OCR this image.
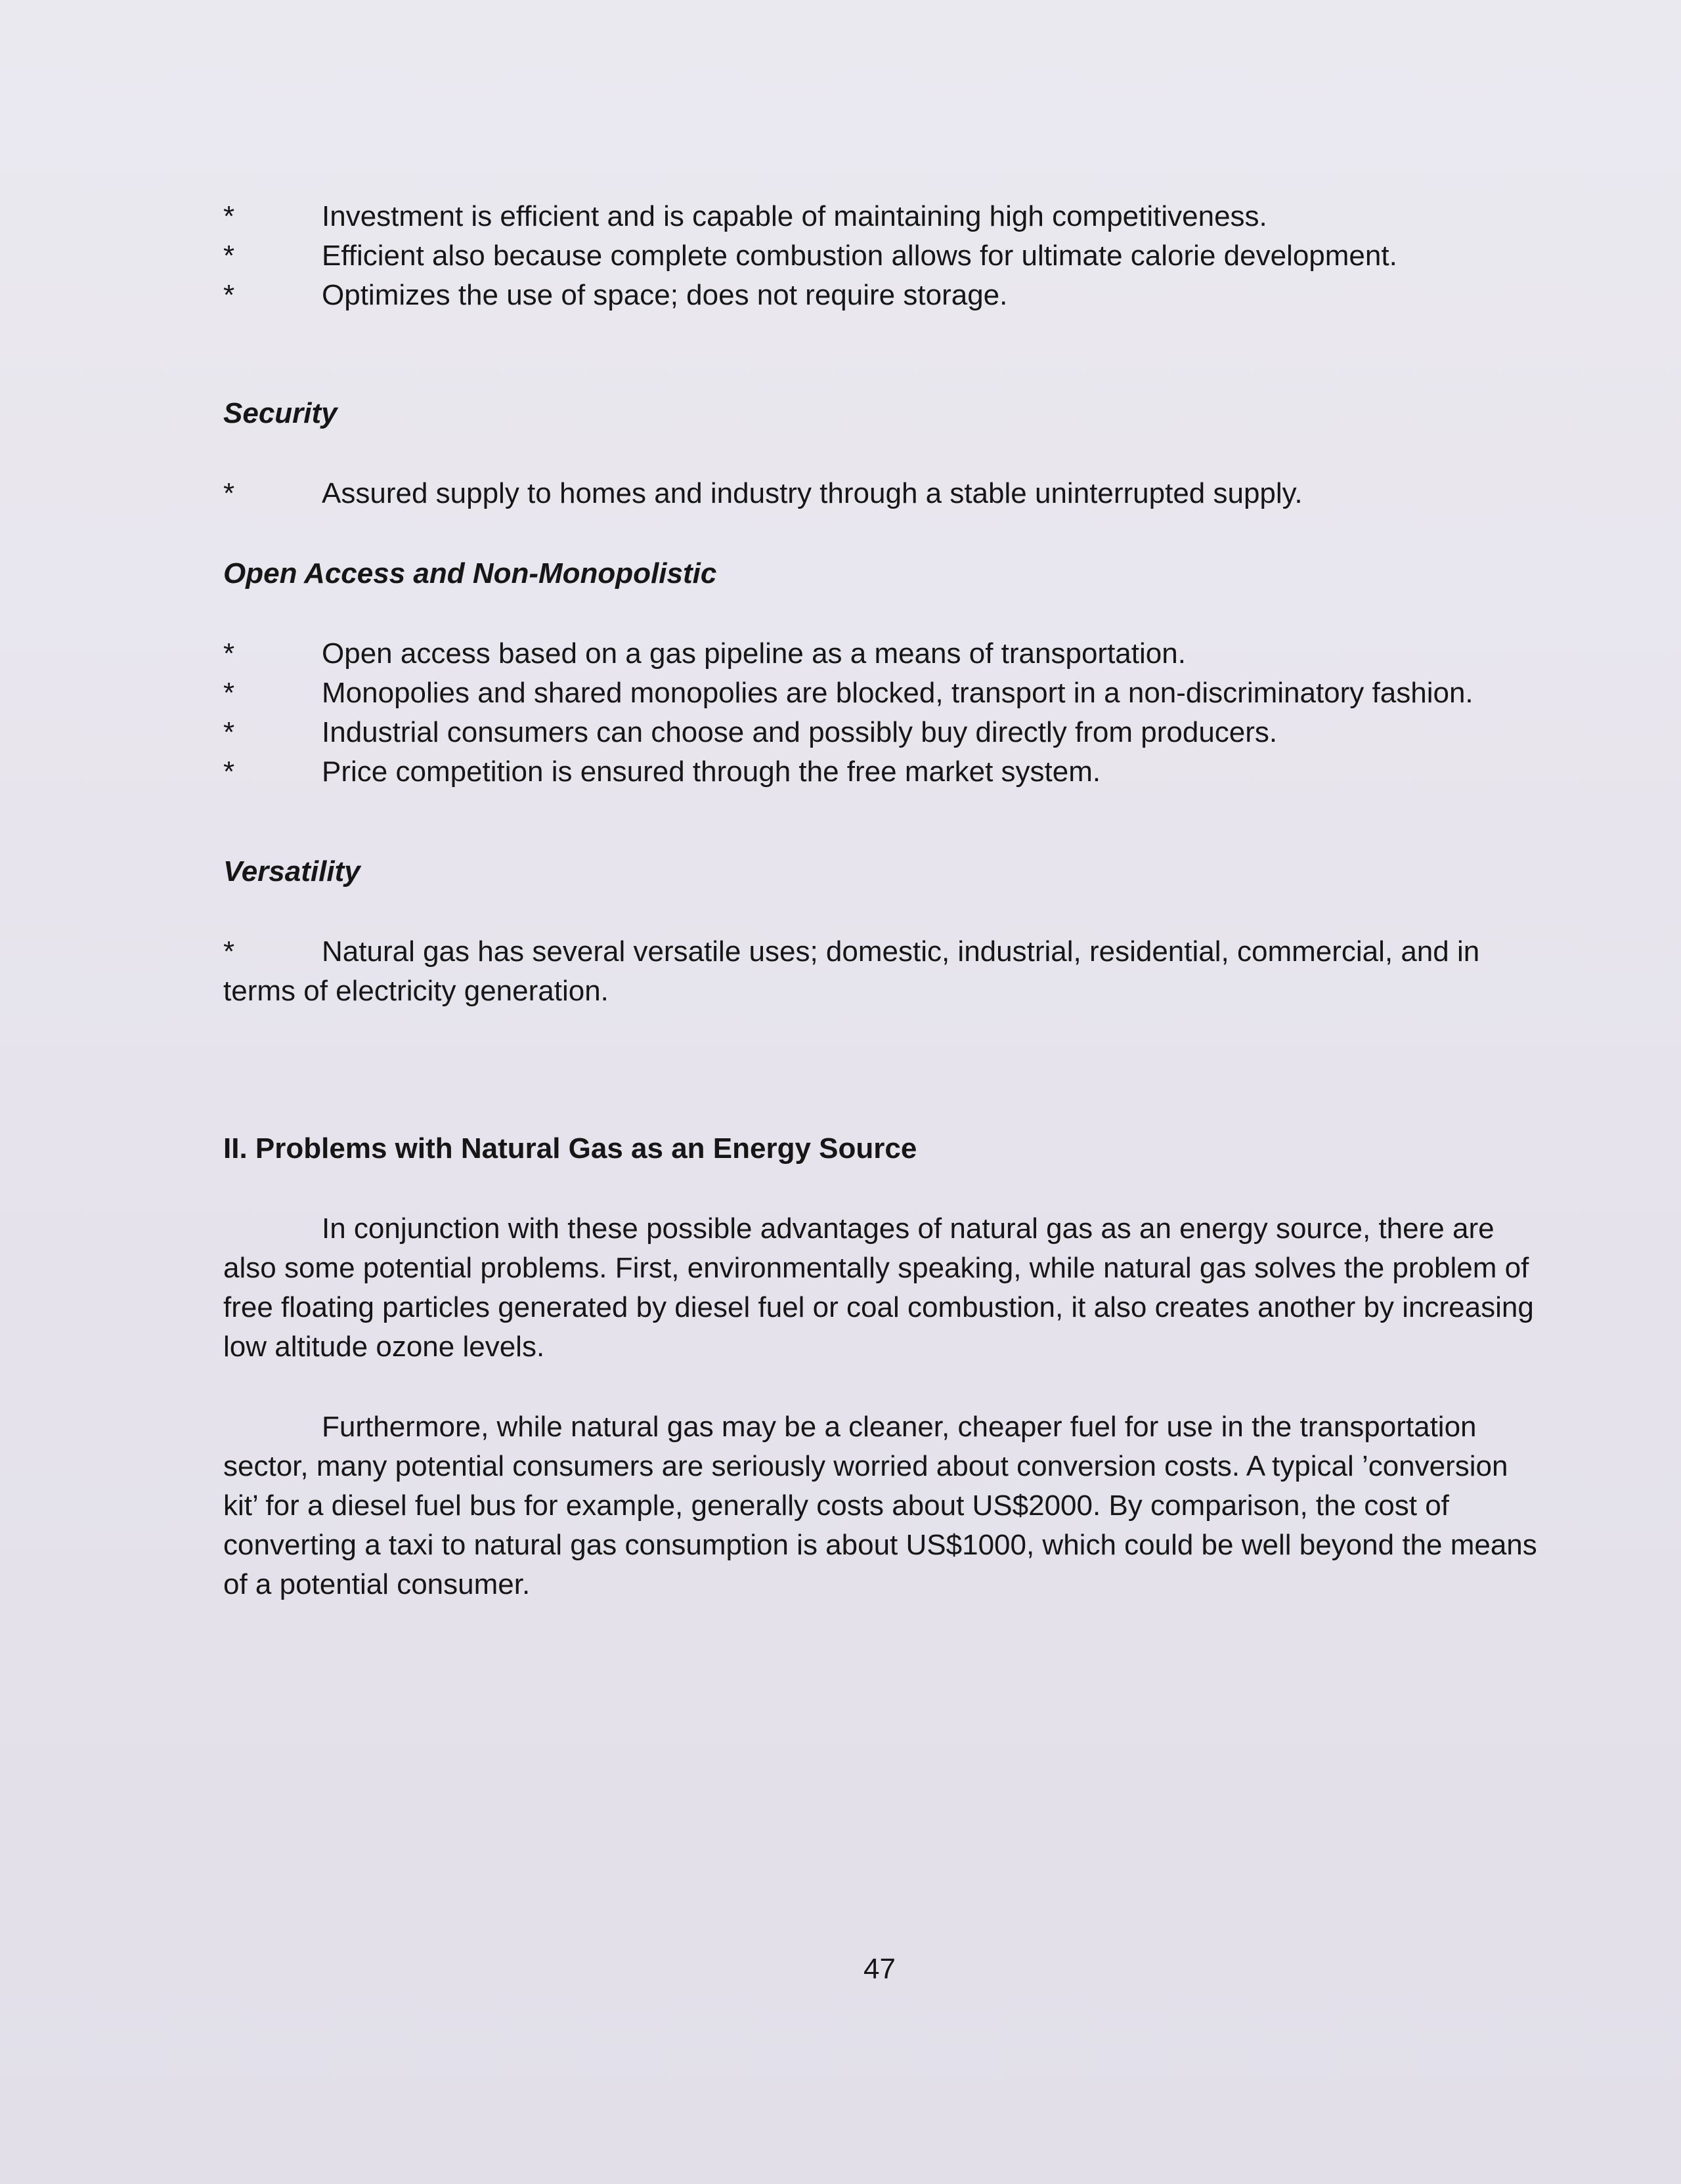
*	Investment is efficient and is capable of maintaining high competitiveness.

*	Efficient also because complete combustion allows for ultimate calorie development.

*	Optimizes the use of space; does not require storage.

Security

*	Assured supply to homes and industry through a stable uninterrupted supply.

Open Access and Non-Monopolistic

*	Open access based on a gas pipeline as a means of transportation.

*	Monopolies and shared monopolies are blocked, transport in a non-discriminatory fashion.

*	Industrial consumers can choose and possibly buy directly from producers.

*	Price competition is ensured through the free market system.

Versatility

*	Natural gas has several versatile uses; domestic, industrial, residential, commercial, and in terms of electricity generation.

II. Problems with Natural Gas as an Energy Source

In conjunction with these possible advantages of natural gas as an energy source, there are also some potential problems. First, environmentally speaking, while natural gas solves the problem of free floating particles generated by diesel fuel or coal combustion, it also creates another by increasing low altitude ozone levels.

Furthermore, while natural gas may be a cleaner, cheaper fuel for use in the transportation sector, many potential consumers are seriously worried about conversion costs. A typical ’conversion kit’ for a diesel fuel bus for example, generally costs about US$2000. By comparison, the cost of converting a taxi to natural gas consumption is about US$1000, which could be well beyond the means of a potential consumer.

47
